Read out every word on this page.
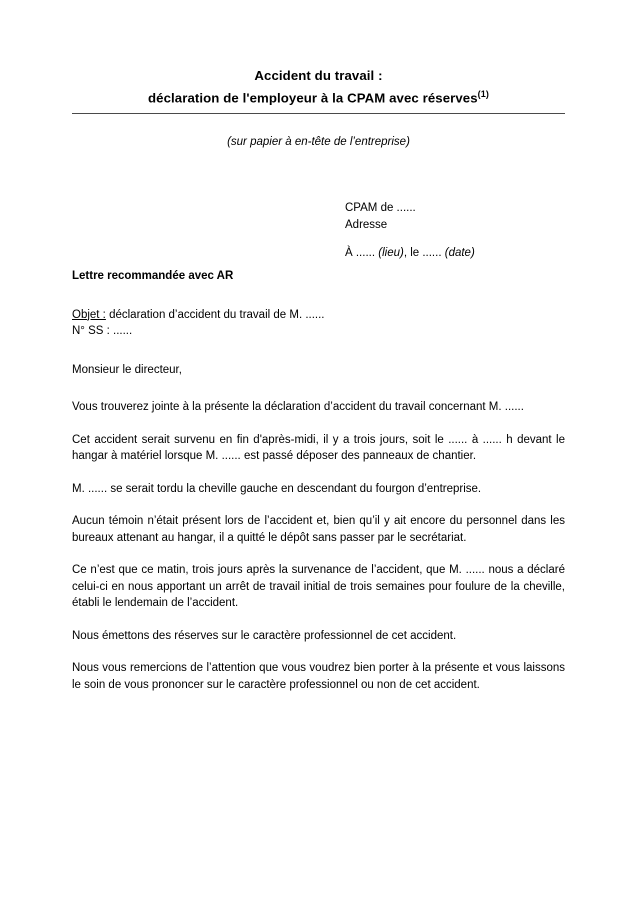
Accident du travail :
déclaration de l'employeur à la CPAM avec réserves$^{(1)}$
(sur papier à en-tête de l’entreprise)
CPAM de ......
Adresse
À ...... (lieu), le ...... (date)
Lettre recommandée avec AR
Objet : déclaration d’accident du travail de M. ......
N° SS : ......
Monsieur le directeur,

Vous trouverez jointe à la présente la déclaration d’accident du travail concernant M. ......

Cet accident serait survenu en fin d'après-midi, il y a trois jours, soit le ...... à ...... h devant le hangar à matériel lorsque M. ...... est passé déposer des panneaux de chantier.

M. ...... se serait tordu la cheville gauche en descendant du fourgon d’entreprise.

Aucun témoin n’était présent lors de l’accident et, bien qu’il y ait encore du personnel dans les bureaux attenant au hangar, il a quitté le dépôt sans passer par le secrétariat.

Ce n’est que ce matin, trois jours après la survenance de l’accident, que M. ...... nous a déclaré celui-ci en nous apportant un arrêt de travail initial de trois semaines pour foulure de la cheville, établi le lendemain de l’accident.

Nous émettons des réserves sur le caractère professionnel de cet accident.

Nous vous remercions de l’attention que vous voudrez bien porter à la présente et vous laissons le soin de vous prononcer sur le caractère professionnel ou non de cet accident.
